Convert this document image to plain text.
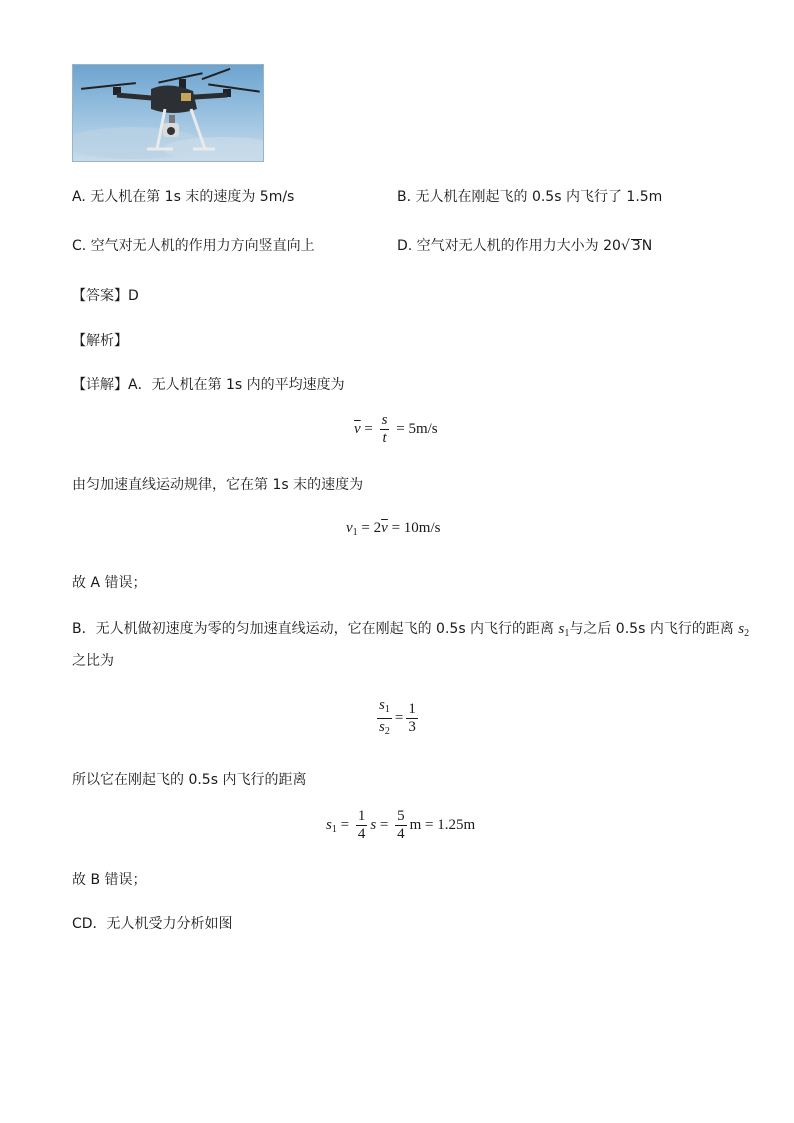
A. 无人机在第 1s 末的速度为 5m/s	B. 无人机在刚起飞的 0.5s 内飞行了 1.5m
C. 空气对无人机的作用力方向竖直向上	D. 空气对无人机的作用力大小为 20√ 3N
【答案】D
【解析】
【详解】A．无人机在第 1s 内的平均速度为
$\overline{v} = \frac{s}{t} = 5m/s$
由匀加速直线运动规律，它在第 1s 末的速度为
$v_1 = 2\overline{v} = 10m/s$
故 A 错误；
B．无人机做初速度为零的匀加速直线运动，它在刚起飞的 0.5s 内飞行的距离 $s_1$与之后 0.5s 内飞行的距离 $s_2$
之比为
$\frac{s_1}{s_2} = \frac{1}{3}$
所以它在刚起飞的 0.5s 内飞行的距离
$s_1 = \frac{1}{4}$ $s = \frac{5}{4}$ m = 1.25m
故 B 错误；
CD．无人机受力分析如图
